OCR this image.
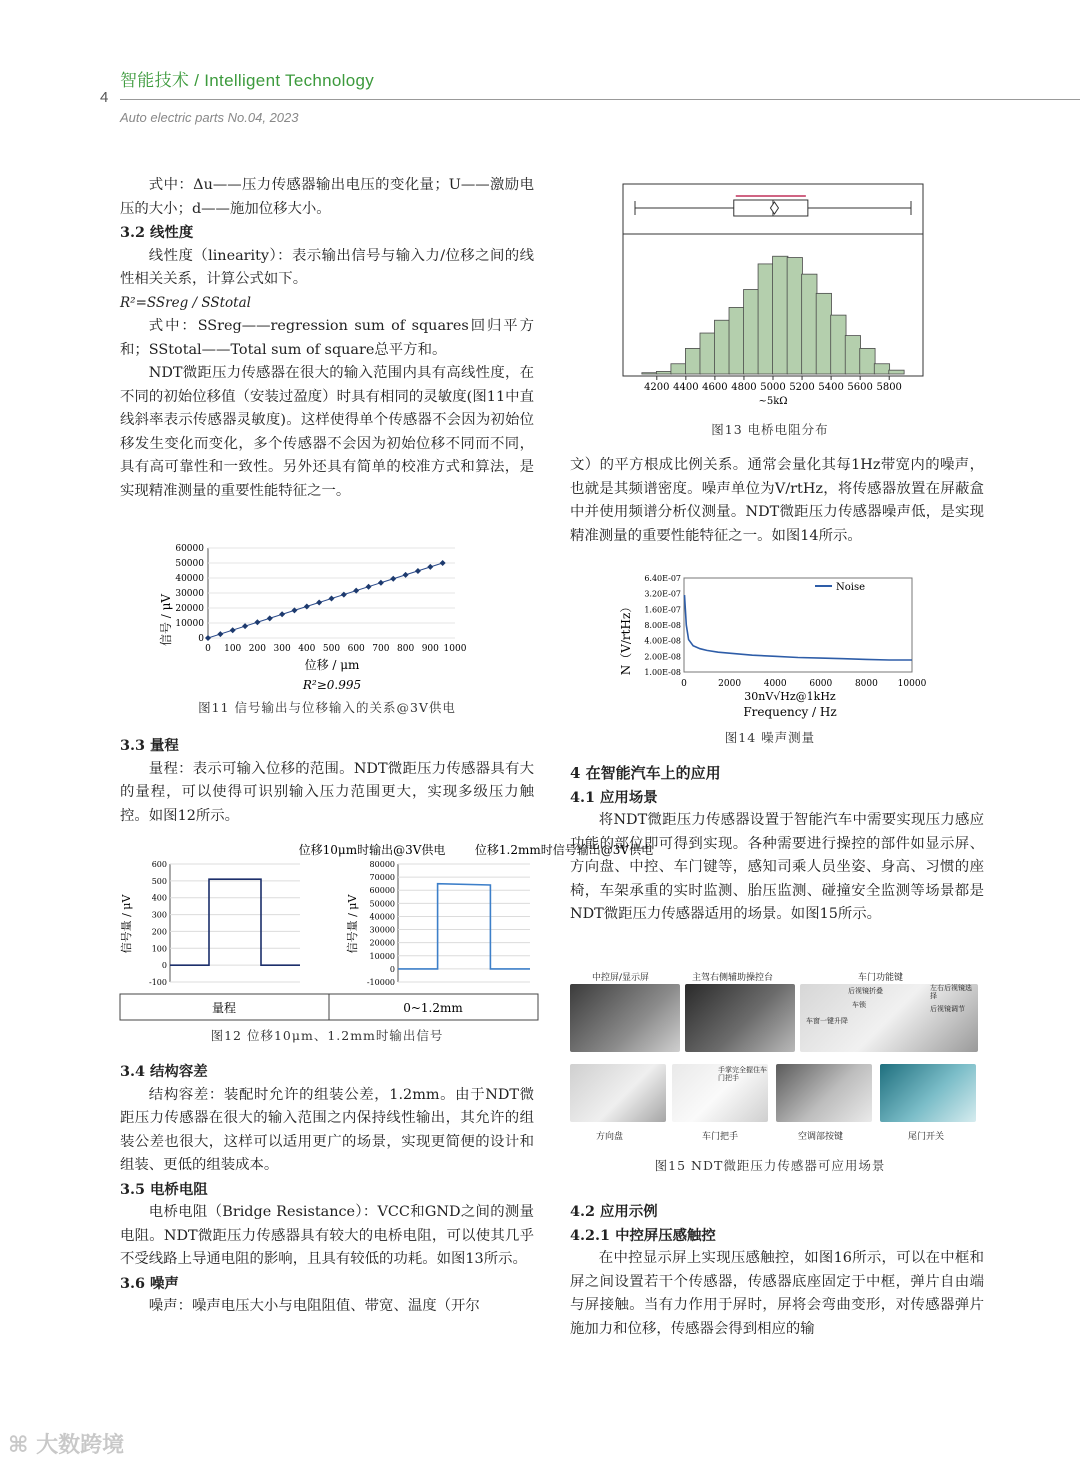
智能技术 / Intelligent Technology
4
Auto electric parts No.04, 2023

式中：Δu——压力传感器输出电压的变化量；U——激励电压的大小；d——施加位移大小。

3.2 线性度

线性度（linearity）：表示输出信号与输入力/位移之间的线性相关关系，计算公式如下。

R²=SSreg / SStotal

式中：SSreg——regression sum of squares回归平方和；SStotal——Total sum of square总平方和。

NDT微距压力传感器在很大的输入范围内具有高线性度，在不同的初始位移值（安装过盈度）时具有相同的灵敏度(图11中直线斜率表示传感器灵敏度)。这样使得单个传感器不会因为初始位移发生变化而变化，多个传感器不会因为初始位移不同而不同，具有高可靠性和一致性。另外还具有简单的校准方式和算法，是实现精准测量的重要性能特征之一。

0
10000
20000
30000
40000
50000
60000
0 100 200 300 400 500 600 700 800 900 1000
信号 / μV
位移 / μm
R²≥0.995
图11 信号输出与位移输入的关系@3V供电

3.3 量程

量程：表示可输入位移的范围。NDT微距压力传感器具有大的量程，可以使得可识别输入压力范围更大，实现多级压力触控。如图12所示。

位移10μm时输出@3V供电 位移1.2mm时信号输出@3V供电
信号量 / μV	信号量 / μV
-100
0
100
200
300
400
500
600
-10000
0
10000
20000
30000
40000
50000
60000
70000
80000
量程	0~1.2mm
图12 位移10μm、1.2mm时输出信号

3.4 结构容差

结构容差：装配时允许的组装公差，1.2mm。由于NDT微距压力传感器在很大的输入范围之内保持线性输出，其允许的组装公差也很大，这样可以适用更广的场景，实现更简便的设计和组装、更低的组装成本。

3.5 电桥电阻

电桥电阻（Bridge Resistance）：VCC和GND之间的测量电阻。NDT微距压力传感器具有较大的电桥电阻，可以使其几乎不受线路上导通电阻的影响，且具有较低的功耗。如图13所示。

3.6 噪声

噪声：噪声电压大小与电阻阻值、带宽、温度（开尔

4200 4400 4600 4800 5000 5200 5400 5600 5800
~5kΩ
图13 电桥电阻分布

文）的平方根成比例关系。通常会量化其每1Hz带宽内的噪声，也就是其频谱密度。噪声单位为V/rtHz，将传感器放置在屏蔽盒中并使用频谱分析仪测量。NDT微距压力传感器噪声低，是实现精准测量的重要性能特征之一。如图14所示。

1.00E-08
2.00E-08
4.00E-08
8.00E-08
1.60E-07
3.20E-07
6.40E-07
0	2000	4000	6000	8000 10000
Noise
N（V/rtHz）
30nV√Hz@1kHz
Frequency / Hz
图14 噪声测量

4 在智能汽车上的应用

4.1 应用场景

将NDT微距压力传感器设置于智能汽车中需要实现压力感应功能的部位即可得到实现。各种需要进行操控的部件如显示屏、方向盘、中控、车门键等，感知司乘人员坐姿、身高、习惯的座椅，车架承重的实时监测、胎压监测、碰撞安全监测等场景都是NDT微距压力传感器适用的场景。如图15所示。

中控屏/显示屏	主驾右侧辅助操控台	车门功能键
后视镜折叠	左右后视镜选择
后视镜调节
车锁
车窗一键升降
手掌完全握住车门把手
方向盘	车门把手	空调部按键	尾门开关
图15 NDT微距压力传感器可应用场景

4.2 应用示例

4.2.1 中控屏压感触控

在中控显示屏上实现压感触控，如图16所示，可以在中框和屏之间设置若干个传感器，传感器底座固定于中框，弹片自由端与屏接触。当有力作用于屏时，屏将会弯曲变形，对传感器弹片施加力和位移，传感器会得到相应的输

⌘ 大数跨境
